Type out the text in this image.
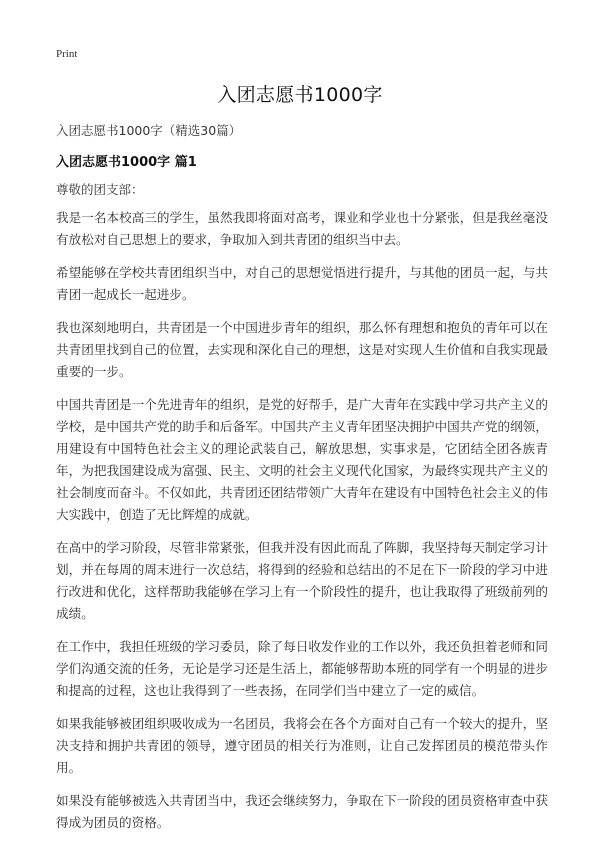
Print
入团志愿书1000字
入团志愿书1000字（精选30篇）
入团志愿书1000字 篇1
尊敬的团支部：

我是一名本校高三的学生，虽然我即将面对高考，课业和学业也十分紧张，但是我丝毫没有放松对自己思想上的要求，争取加入到共青团的组织当中去。

希望能够在学校共青团组织当中，对自己的思想觉悟进行提升，与其他的团员一起，与共青团一起成长一起进步。

我也深刻地明白，共青团是一个中国进步青年的组织，那么怀有理想和抱负的青年可以在共青团里找到自己的位置，去实现和深化自己的理想，这是对实现人生价值和自我实现最重要的一步。

中国共青团是一个先进青年的组织，是党的好帮手，是广大青年在实践中学习共产主义的学校，是中国共产党的助手和后备军。中国共产主义青年团坚决拥护中国共产党的纲领，用建设有中国特色社会主义的理论武装自己，解放思想，实事求是，它团结全团各族青年，为把我国建设成为富强、民主、文明的社会主义现代化国家，为最终实现共产主义的社会制度而奋斗。不仅如此，共青团还团结带领广大青年在建设有中国特色社会主义的伟大实践中，创造了无比辉煌的成就。

在高中的学习阶段，尽管非常紧张，但我并没有因此而乱了阵脚，我坚持每天制定学习计划，并在每周的周末进行一次总结，将得到的经验和总结出的不足在下一阶段的学习中进行改进和优化，这样帮助我能够在学习上有一个阶段性的提升，也让我取得了班级前列的成绩。

在工作中，我担任班级的学习委员，除了每日收发作业的工作以外，我还负担着老师和同学们沟通交流的任务，无论是学习还是生活上，都能够帮助本班的同学有一个明显的进步和提高的过程，这也让我得到了一些表扬，在同学们当中建立了一定的威信。

如果我能够被团组织吸收成为一名团员，我将会在各个方面对自己有一个较大的提升，坚决支持和拥护共青团的领导，遵守团员的相关行为准则，让自己发挥团员的模范带头作用。

如果没有能够被选入共青团当中，我还会继续努力，争取在下一阶段的团员资格审查中获得成为团员的资格。
